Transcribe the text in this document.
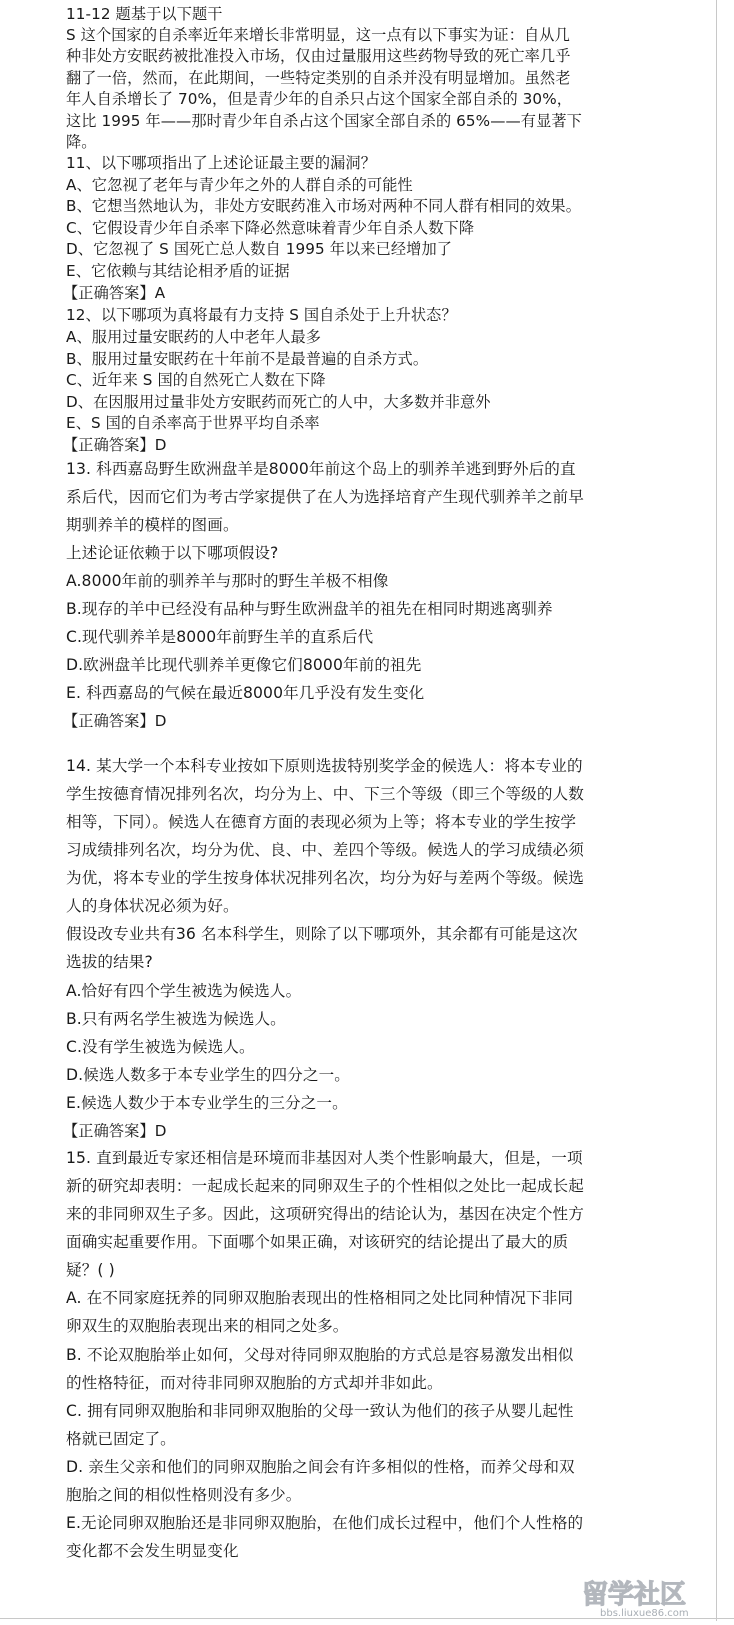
11-12 题基于以下题干
S 这个国家的自杀率近年来增长非常明显，这一点有以下事实为证：自从几
种非处方安眠药被批准投入市场，仅由过量服用这些药物导致的死亡率几乎
翻了一倍，然而，在此期间，一些特定类别的自杀并没有明显增加。虽然老
年人自杀增长了 70%，但是青少年的自杀只占这个国家全部自杀的 30%，
这比 1995 年——那时青少年自杀占这个国家全部自杀的 65%——有显著下
降。
11、以下哪项指出了上述论证最主要的漏洞？
A、它忽视了老年与青少年之外的人群自杀的可能性
B、它想当然地认为，非处方安眠药准入市场对两种不同人群有相同的效果。
C、它假设青少年自杀率下降必然意味着青少年自杀人数下降
D、它忽视了 S 国死亡总人数自 1995 年以来已经增加了
E、它依赖与其结论相矛盾的证据
【正确答案】A
12、以下哪项为真将最有力支持 S 国自杀处于上升状态？
A、服用过量安眠药的人中老年人最多
B、服用过量安眠药在十年前不是最普遍的自杀方式。
C、近年来 S 国的自然死亡人数在下降
D、在因服用过量非处方安眠药而死亡的人中，大多数并非意外
E、S 国的自杀率高于世界平均自杀率
【正确答案】D
13. 科西嘉岛野生欧洲盘羊是8000年前这个岛上的驯养羊逃到野外后的直
系后代，因而它们为考古学家提供了在人为选择培育产生现代驯养羊之前早
期驯养羊的模样的图画。
上述论证依赖于以下哪项假设?
A.8000年前的驯养羊与那时的野生羊极不相像
B.现存的羊中已经没有品种与野生欧洲盘羊的祖先在相同时期逃离驯养
C.现代驯养羊是8000年前野生羊的直系后代
D.欧洲盘羊比现代驯养羊更像它们8000年前的祖先
E. 科西嘉岛的气候在最近8000年几乎没有发生变化
【正确答案】D
14. 某大学一个本科专业按如下原则选拔特别奖学金的候选人：将本专业的
学生按德育情况排列名次，均分为上、中、下三个等级（即三个等级的人数
相等，下同）。候选人在德育方面的表现必须为上等；将本专业的学生按学
习成绩排列名次，均分为优、良、中、差四个等级。候选人的学习成绩必须
为优，将本专业的学生按身体状况排列名次，均分为好与差两个等级。候选
人的身体状况必须为好。
假设改专业共有36 名本科学生，则除了以下哪项外，其余都有可能是这次
选拔的结果?
A.恰好有四个学生被选为候选人。
B.只有两名学生被选为候选人。
C.没有学生被选为候选人。
D.候选人数多于本专业学生的四分之一。
E.候选人数少于本专业学生的三分之一。
【正确答案】D
15. 直到最近专家还相信是环境而非基因对人类个性影响最大，但是，一项
新的研究却表明：一起成长起来的同卵双生子的个性相似之处比一起成长起
来的非同卵双生子多。因此，这项研究得出的结论认为，基因在决定个性方
面确实起重要作用。下面哪个如果正确，对该研究的结论提出了最大的质
疑？( )
A. 在不同家庭抚养的同卵双胞胎表现出的性格相同之处比同种情况下非同
卵双生的双胞胎表现出来的相同之处多。
B. 不论双胞胎举止如何，父母对待同卵双胞胎的方式总是容易激发出相似
的性格特征，而对待非同卵双胞胎的方式却并非如此。
C. 拥有同卵双胞胎和非同卵双胞胎的父母一致认为他们的孩子从婴儿起性
格就已固定了。
D. 亲生父亲和他们的同卵双胞胎之间会有许多相似的性格，而养父母和双
胞胎之间的相似性格则没有多少。
E.无论同卵双胞胎还是非同卵双胞胎，在他们成长过程中，他们个人性格的
变化都不会发生明显变化
留学社区
bbs.liuxue86.com
